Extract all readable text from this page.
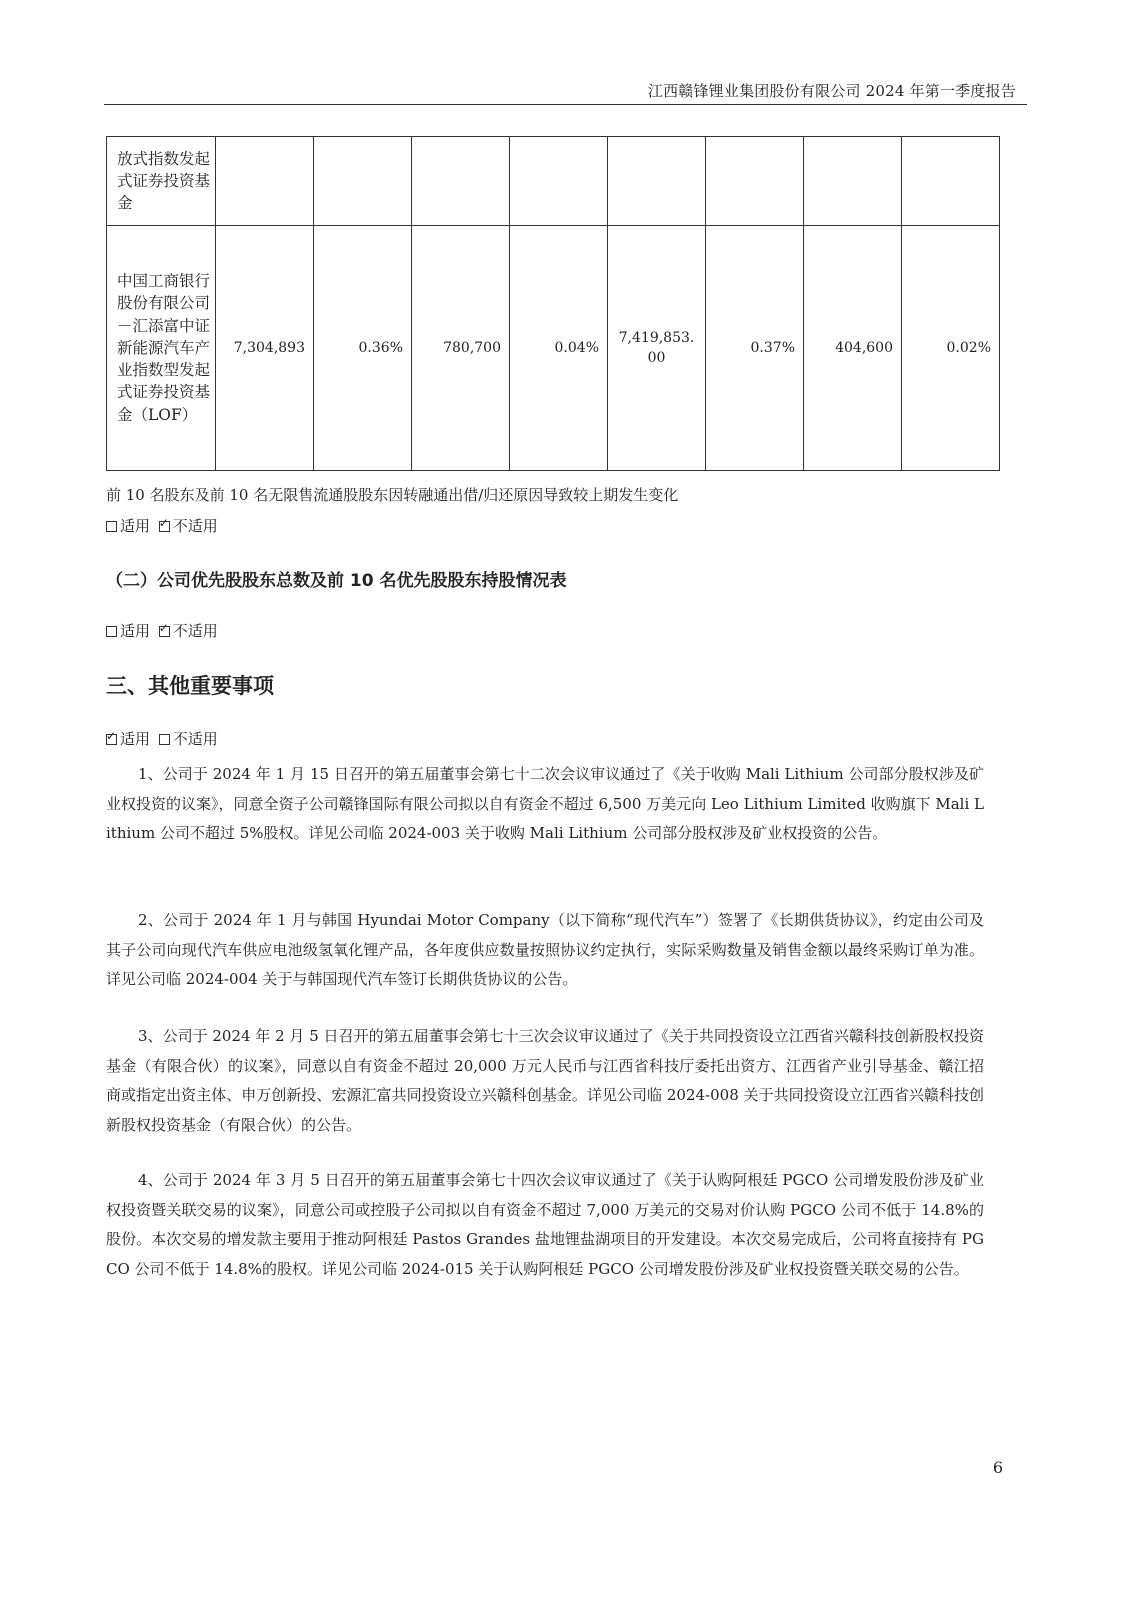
江西赣锋锂业集团股份有限公司 2024 年第一季度报告
放式指数发起式证券投资基金								
中国工商银行股份有限公司－汇添富中证新能源汽车产业指数型发起式证券投资基金（LOF）	7,304,893	0.36%	780,700	0.04%	7,419,853.00	0.37%	404,600	0.02%
前 10 名股东及前 10 名无限售流通股股东因转融通出借/归还原因导致较上期发生变化
适用 ✓ 不适用
（二）公司优先股股东总数及前 10 名优先股股东持股情况表
适用 ✓ 不适用
三、其他重要事项
✓适用 不适用

1、公司于 2024 年 1 月 15 日召开的第五届董事会第七十二次会议审议通过了《关于收购 Mali Lithium 公司部分股权涉及矿业权投资的议案》，同意全资子公司赣锋国际有限公司拟以自有资金不超过 6,500 万美元向 Leo Lithium Limited 收购旗下 Mali Lithium 公司不超过 5%股权。详见公司临 2024-003 关于收购 Mali Lithium 公司部分股权涉及矿业权投资的公告。

2、公司于 2024 年 1 月与韩国 Hyundai Motor Company（以下简称“现代汽车”）签署了《长期供货协议》，约定由公司及其子公司向现代汽车供应电池级氢氧化锂产品，各年度供应数量按照协议约定执行，实际采购数量及销售金额以最终采购订单为准。详见公司临 2024-004 关于与韩国现代汽车签订长期供货协议的公告。

3、公司于 2024 年 2 月 5 日召开的第五届董事会第七十三次会议审议通过了《关于共同投资设立江西省兴赣科技创新股权投资基金（有限合伙）的议案》，同意以自有资金不超过 20,000 万元人民币与江西省科技厅委托出资方、江西省产业引导基金、赣江招商或指定出资主体、申万创新投、宏源汇富共同投资设立兴赣科创基金。详见公司临 2024-008 关于共同投资设立江西省兴赣科技创新股权投资基金（有限合伙）的公告。

4、公司于 2024 年 3 月 5 日召开的第五届董事会第七十四次会议审议通过了《关于认购阿根廷 PGCO 公司增发股份涉及矿业权投资暨关联交易的议案》，同意公司或控股子公司拟以自有资金不超过 7,000 万美元的交易对价认购 PGCO 公司不低于 14.8%的股份。本次交易的增发款主要用于推动阿根廷 Pastos Grandes 盐地锂盐湖项目的开发建设。本次交易完成后，公司将直接持有 PGCO 公司不低于 14.8%的股权。详见公司临 2024-015 关于认购阿根廷 PGCO 公司增发股份涉及矿业权投资暨关联交易的公告。

6
